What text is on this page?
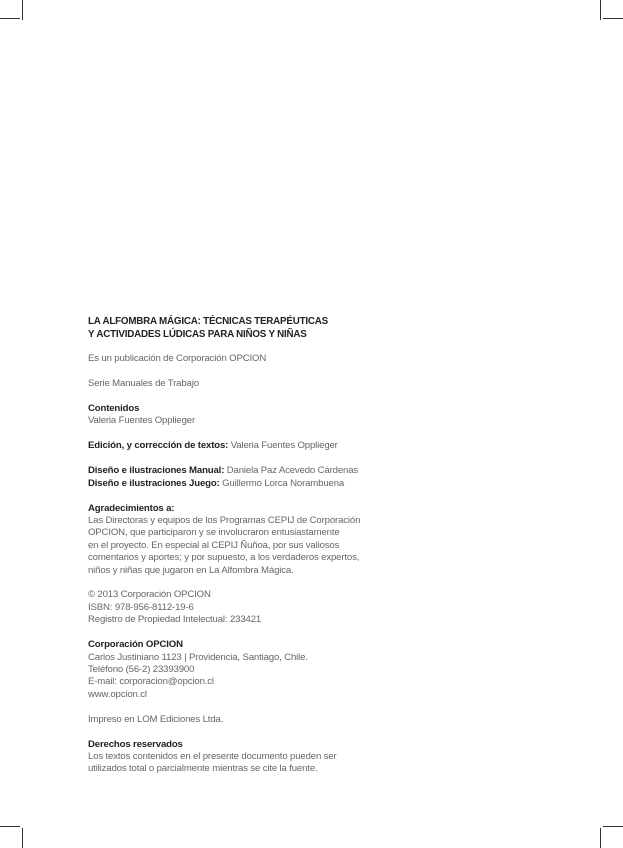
LA ALFOMBRA MÁGICA: TÉCNICAS TERAPÉUTICAS
Y ACTIVIDADES LÚDICAS PARA NIÑOS Y NIÑAS
Es un publicación de Corporación OPCION
Serie Manuales de Trabajo
Contenidos
Valeria Fuentes Opplieger
Edición, y corrección de textos: Valeria Fuentes Opplieger
Diseño e ilustraciones Manual: Daniela Paz Acevedo Cárdenas
Diseño e ilustraciones Juego: Guillermo Lorca Norambuena
Agradecimientos a:
Las Directoras y equipos de los Programas CEPIJ de Corporación
OPCION, que participaron y se involucraron entusiastamente
en el proyecto. En especial al CEPIJ Ñuñoa, por sus valiosos
comentarios y aportes; y por supuesto, a los verdaderos expertos,
niños y niñas que jugaron en La Alfombra Mágica.
© 2013 Corporación OPCION
ISBN: 978-956-8112-19-6
Registro de Propiedad Intelectual: 233421
Corporación OPCION
Carlos Justiniano 1123 | Providencia, Santiago, Chile.
Teléfono (56-2) 23393900
E-mail: corporacion@opcion.cl
www.opcion.cl
Impreso en LOM Ediciones Ltda.
Derechos reservados
Los textos contenidos en el presente documento pueden ser
utilizados total o parcialmente mientras se cite la fuente.
